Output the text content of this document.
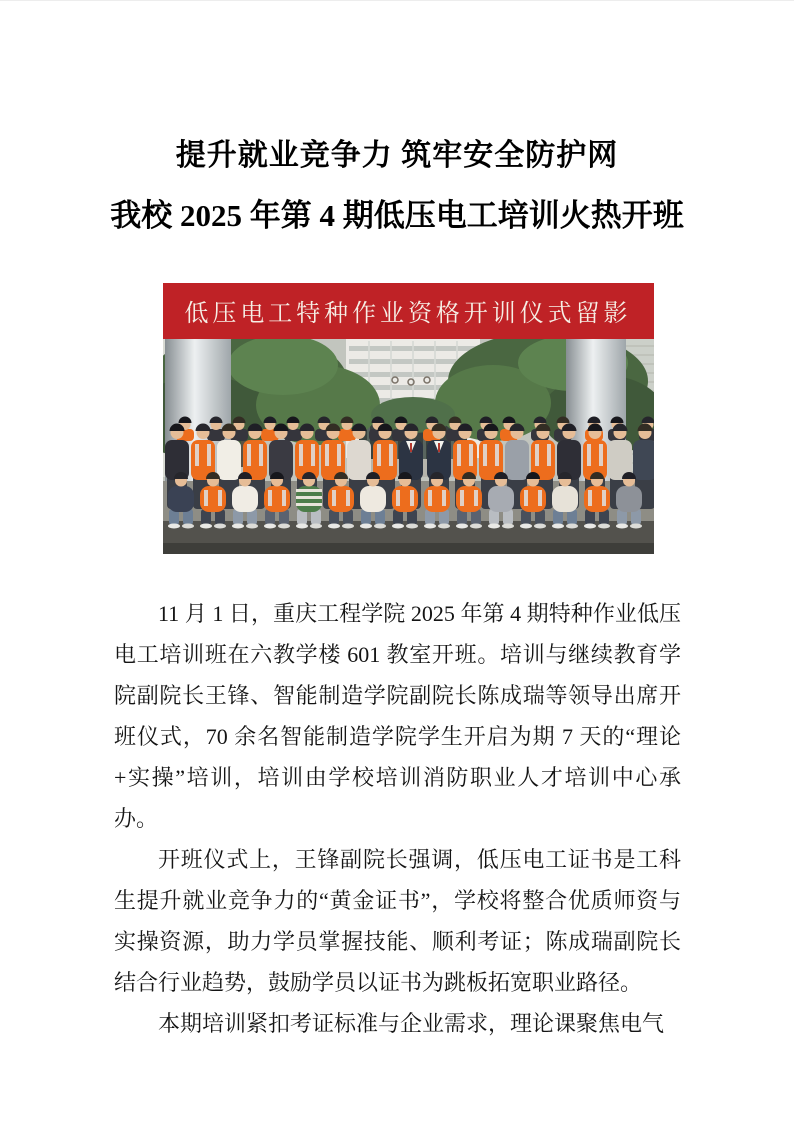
提升就业竞争力 筑牢安全防护网
我校 2025 年第 4 期低压电工培训火热开班
低压电工特种作业资格开训仪式留影

11 月 1 日，重庆工程学院 2025 年第 4 期特种作业低压电工培训班在六教学楼 601 教室开班。培训与继续教育学院副院长王锋、智能制造学院副院长陈成瑞等领导出席开班仪式，70 余名智能制造学院学生开启为期 7 天的“理论+实操”培训，培训由学校培训消防职业人才培训中心承办。

开班仪式上，王锋副院长强调，低压电工证书是工科生提升就业竞争力的“黄金证书”，学校将整合优质师资与实操资源，助力学员掌握技能、顺利考证；陈成瑞副院长结合行业趋势，鼓励学员以证书为跳板拓宽职业路径。

本期培训紧扣考证标准与企业需求，理论课聚焦电气
